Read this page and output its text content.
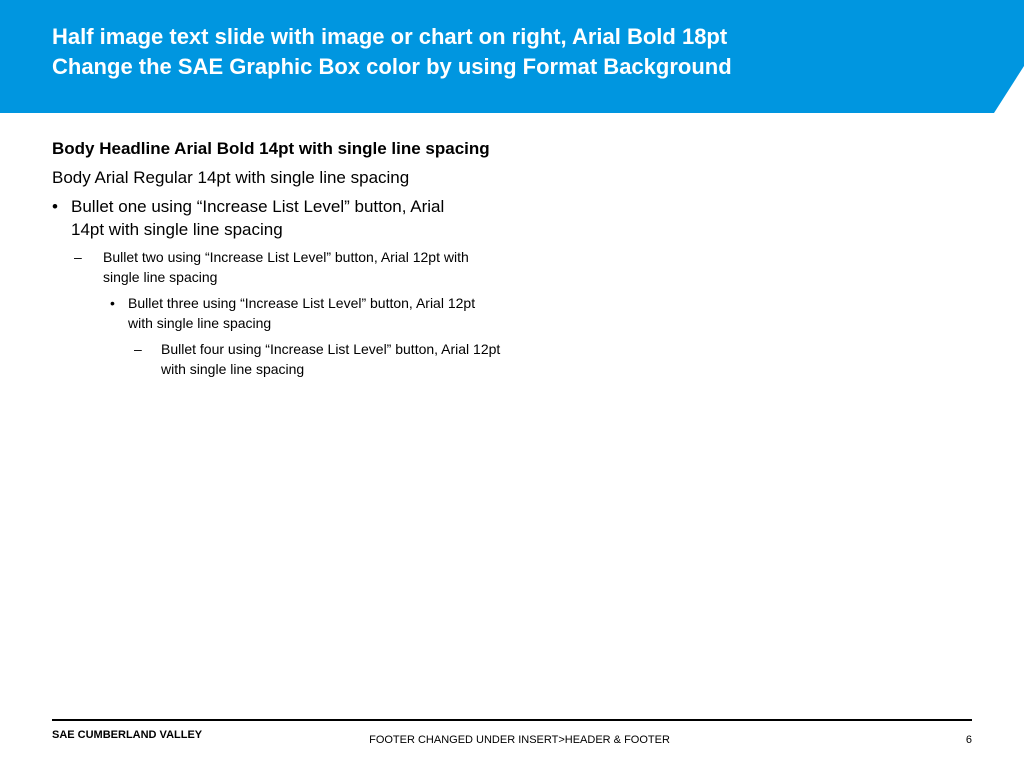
Half image text slide with image or chart on right, Arial Bold 18pt
Change the SAE Graphic Box color by using Format Background

Body Headline Arial Bold 14pt with single line spacing

Body Arial Regular 14pt with single line spacing

• Bullet one using “Increase List Level” button, Arial 14pt with single line spacing
– Bullet two using “Increase List Level” button, Arial 12pt with single line spacing
• Bullet three using “Increase List Level” button, Arial 12pt with single line spacing
– Bullet four using “Increase List Level” button, Arial 12pt with single line spacing
SAE CUMBERLAND VALLEY	FOOTER CHANGED UNDER INSERT>HEADER & FOOTER	6
